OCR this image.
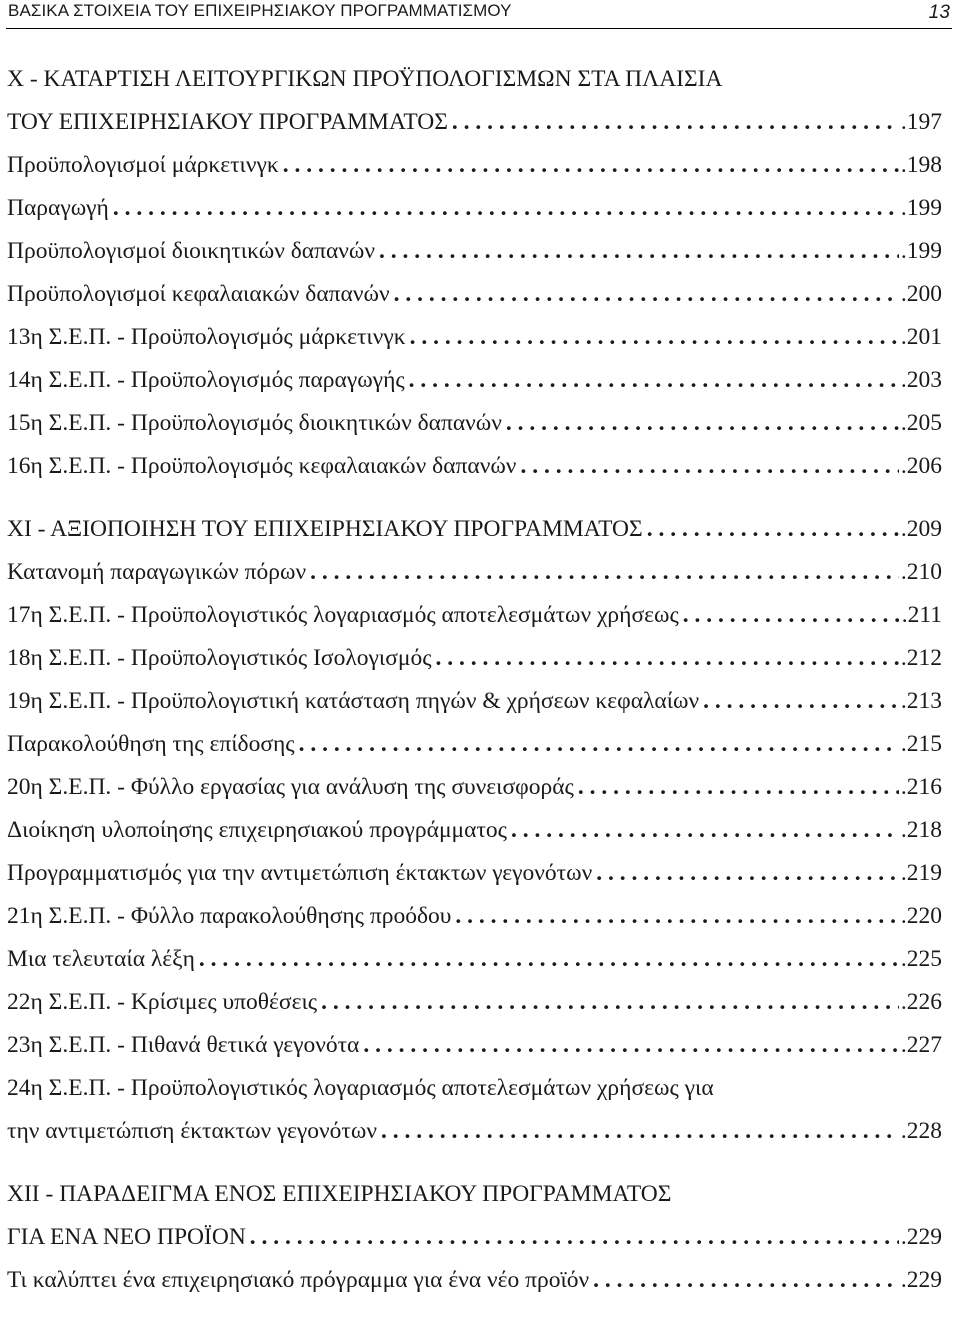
ΒΑΣΙΚΑ ΣΤΟΙΧΕΙΑ ΤΟΥ ΕΠΙΧΕΙΡΗΣΙΑΚΟΥ ΠΡΟΓΡΑΜΜΑΤΙΣΜΟΥ	13
Χ - ΚΑΤΑΡΤΙΣΗ ΛΕΙΤΟΥΡΓΙΚΩΝ ΠΡΟΫΠΟΛΟΓΙΣΜΩΝ ΣΤΑ ΠΛΑΙΣΙΑ
ΤΟΥ ΕΠΙΧΕΙΡΗΣΙΑΚΟΥ ΠΡΟΓΡΑΜΜΑΤΟΣ . . .	.197
Προϋπολογισμοί μάρκετινγκ . . .	.198
Παραγωγή . . .	.199
Προϋπολογισμοί διοικητικών δαπανών . . .	.199
Προϋπολογισμοί κεφαλαιακών δαπανών . . .	.200
13η Σ.Ε.Π. - Προϋπολογισμός μάρκετινγκ . . .	.201
14η Σ.Ε.Π. - Προϋπολογισμός παραγωγής . . .	.203
15η Σ.Ε.Π. - Προϋπολογισμός διοικητικών δαπανών . . .	.205
16η Σ.Ε.Π. - Προϋπολογισμός κεφαλαιακών δαπανών . . .	.206
ΧΙ - ΑΞΙΟΠΟΙΗΣΗ ΤΟΥ ΕΠΙΧΕΙΡΗΣΙΑΚΟΥ ΠΡΟΓΡΑΜΜΑΤΟΣ . . .	.209
Κατανομή παραγωγικών πόρων . . .	.210
17η Σ.Ε.Π. - Προϋπολογιστικός λογαριασμός αποτελεσμάτων χρήσεως . . .	.211
18η Σ.Ε.Π. - Προϋπολογιστικός Ισολογισμός . . .	.212
19η Σ.Ε.Π. - Προϋπολογιστική κατάσταση πηγών & χρήσεων κεφαλαίων . . .	.213
Παρακολούθηση της επίδοσης . . .	.215
20η Σ.Ε.Π. - Φύλλο εργασίας για ανάλυση της συνεισφοράς . . .	.216
Διοίκηση υλοποίησης επιχειρησιακού προγράμματος . . .	.218
Προγραμματισμός για την αντιμετώπιση έκτακτων γεγονότων . . .	.219
21η Σ.Ε.Π. - Φύλλο παρακολούθησης προόδου . . .	.220
Μια τελευταία λέξη . . .	.225
22η Σ.Ε.Π. - Κρίσιμες υποθέσεις . . .	.226
23η Σ.Ε.Π. - Πιθανά θετικά γεγονότα . . .	.227
24η Σ.Ε.Π. - Προϋπολογιστικός λογαριασμός αποτελεσμάτων χρήσεως για
την αντιμετώπιση έκτακτων γεγονότων . . .	.228
ΧΙΙ - ΠΑΡΑΔΕΙΓΜΑ ΕΝΟΣ ΕΠΙΧΕΙΡΗΣΙΑΚΟΥ ΠΡΟΓΡΑΜΜΑΤΟΣ
ΓΙΑ ΕΝΑ ΝΕΟ ΠΡΟΪΟΝ . . .	.229
Τι καλύπτει ένα επιχειρησιακό πρόγραμμα για ένα νέο προϊόν . . .	.229
